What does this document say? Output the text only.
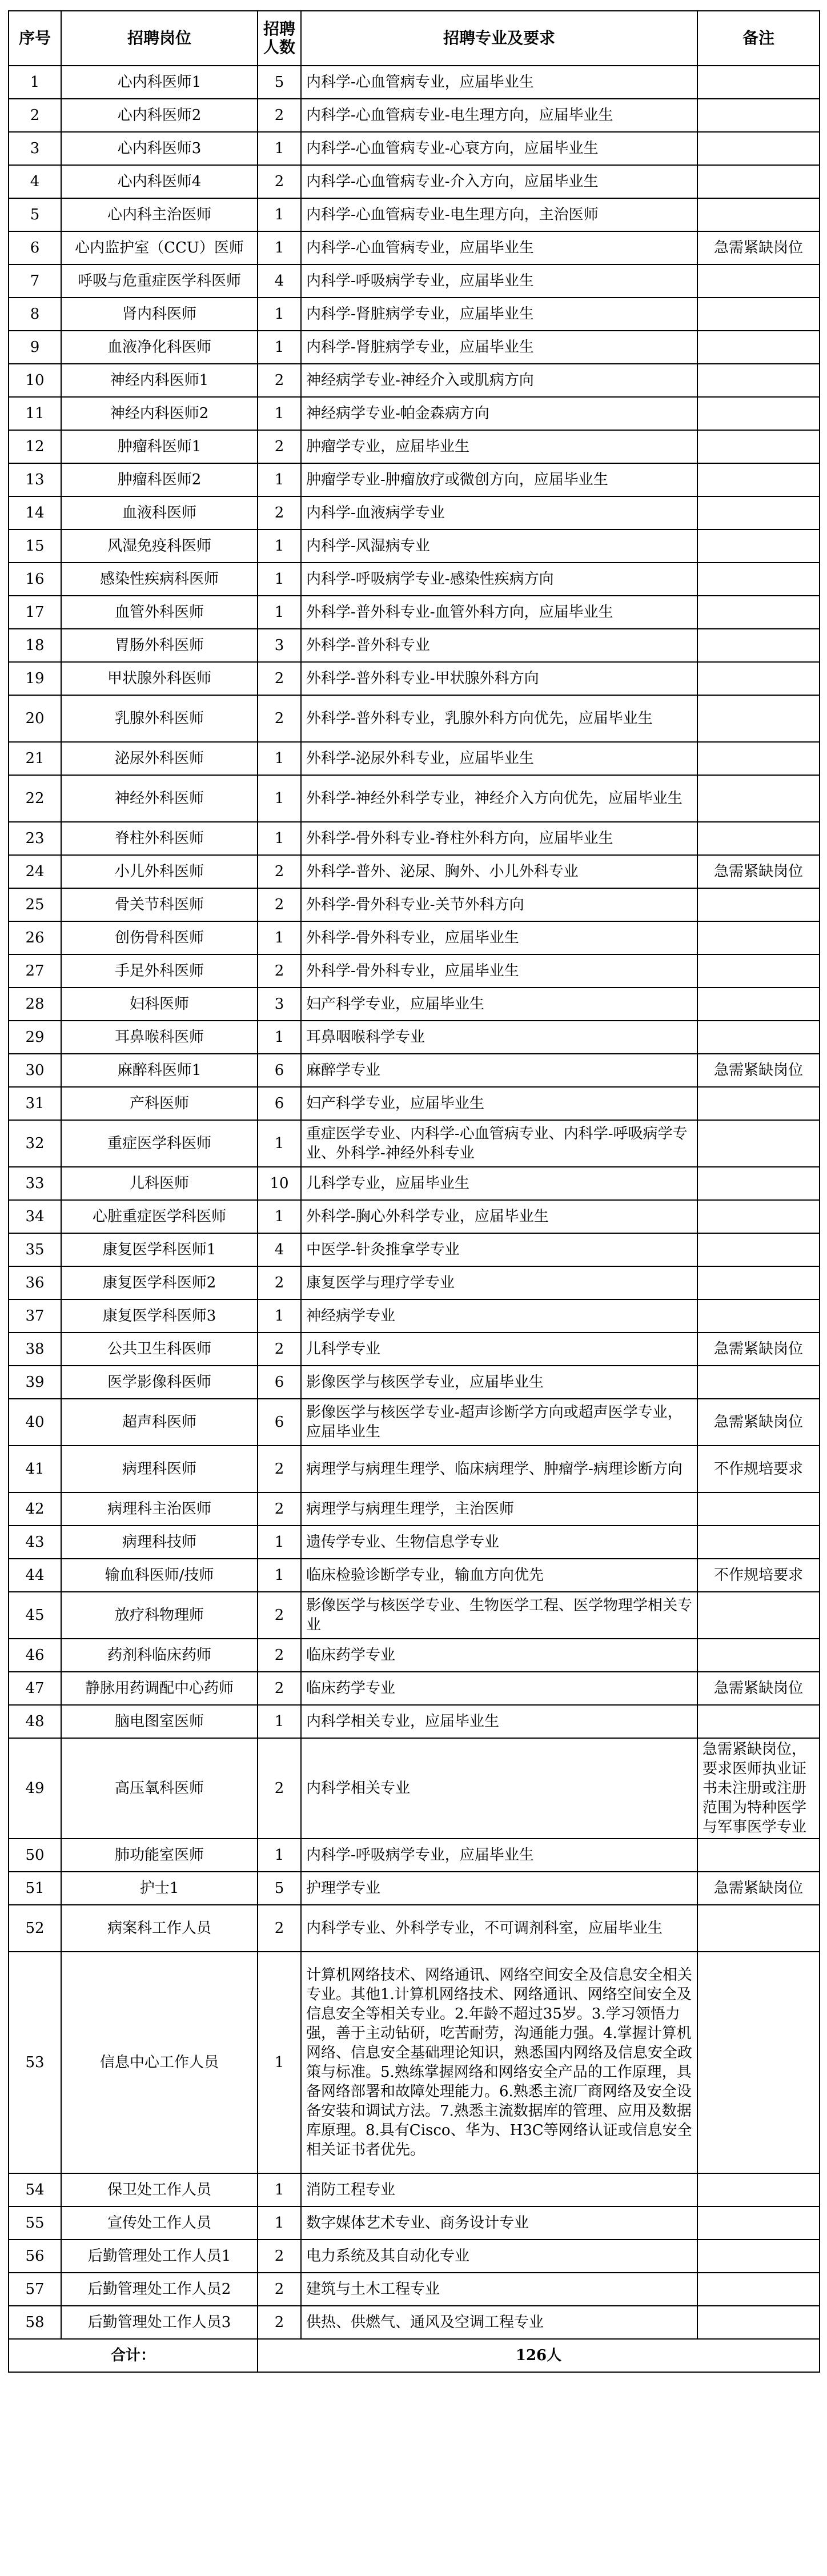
序号	招聘岗位	招聘人数	招聘专业及要求	备注
1	心内科医师1	5	内科学-心血管病专业，应届毕业生	
2	心内科医师2	2	内科学-心血管病专业-电生理方向，应届毕业生	
3	心内科医师3	1	内科学-心血管病专业-心衰方向，应届毕业生	
4	心内科医师4	2	内科学-心血管病专业-介入方向，应届毕业生	
5	心内科主治医师	1	内科学-心血管病专业-电生理方向，主治医师	
6	心内监护室（CCU）医师	1	内科学-心血管病专业，应届毕业生	急需紧缺岗位
7	呼吸与危重症医学科医师	4	内科学-呼吸病学专业，应届毕业生	
8	肾内科医师	1	内科学-肾脏病学专业，应届毕业生	
9	血液净化科医师	1	内科学-肾脏病学专业，应届毕业生	
10	神经内科医师1	2	神经病学专业-神经介入或肌病方向	
11	神经内科医师2	1	神经病学专业-帕金森病方向	
12	肿瘤科医师1	2	肿瘤学专业，应届毕业生	
13	肿瘤科医师2	1	肿瘤学专业-肿瘤放疗或微创方向，应届毕业生	
14	血液科医师	2	内科学-血液病学专业	
15	风湿免疫科医师	1	内科学-风湿病专业	
16	感染性疾病科医师	1	内科学-呼吸病学专业-感染性疾病方向	
17	血管外科医师	1	外科学-普外科专业-血管外科方向，应届毕业生	
18	胃肠外科医师	3	外科学-普外科专业	
19	甲状腺外科医师	2	外科学-普外科专业-甲状腺外科方向	
20	乳腺外科医师	2	外科学-普外科专业，乳腺外科方向优先，应届毕业生	
21	泌尿外科医师	1	外科学-泌尿外科专业，应届毕业生	
22	神经外科医师	1	外科学-神经外科学专业，神经介入方向优先，应届毕业生	
23	脊柱外科医师	1	外科学-骨外科专业-脊柱外科方向，应届毕业生	
24	小儿外科医师	2	外科学-普外、泌尿、胸外、小儿外科专业	急需紧缺岗位
25	骨关节科医师	2	外科学-骨外科专业-关节外科方向	
26	创伤骨科医师	1	外科学-骨外科专业，应届毕业生	
27	手足外科医师	2	外科学-骨外科专业，应届毕业生	
28	妇科医师	3	妇产科学专业，应届毕业生	
29	耳鼻喉科医师	1	耳鼻咽喉科学专业	
30	麻醉科医师1	6	麻醉学专业	急需紧缺岗位
31	产科医师	6	妇产科学专业，应届毕业生	
32	重症医学科医师	1	重症医学专业、内科学-心血管病专业、内科学-呼吸病学专业、外科学-神经外科专业	
33	儿科医师	10	儿科学专业，应届毕业生	
34	心脏重症医学科医师	1	外科学-胸心外科学专业，应届毕业生	
35	康复医学科医师1	4	中医学-针灸推拿学专业	
36	康复医学科医师2	2	康复医学与理疗学专业	
37	康复医学科医师3	1	神经病学专业	
38	公共卫生科医师	2	儿科学专业	急需紧缺岗位
39	医学影像科医师	6	影像医学与核医学专业，应届毕业生	
40	超声科医师	6	影像医学与核医学专业-超声诊断学方向或超声医学专业，应届毕业生	急需紧缺岗位
41	病理科医师	2	病理学与病理生理学、临床病理学、肿瘤学-病理诊断方向	不作规培要求
42	病理科主治医师	2	病理学与病理生理学，主治医师	
43	病理科技师	1	遗传学专业、生物信息学专业	
44	输血科医师/技师	1	临床检验诊断学专业，输血方向优先	不作规培要求
45	放疗科物理师	2	影像医学与核医学专业、生物医学工程、医学物理学相关专业	
46	药剂科临床药师	2	临床药学专业	
47	静脉用药调配中心药师	2	临床药学专业	急需紧缺岗位
48	脑电图室医师	1	内科学相关专业，应届毕业生	
49	高压氧科医师	2	内科学相关专业	急需紧缺岗位，要求医师执业证书未注册或注册范围为特种医学与军事医学专业
50	肺功能室医师	1	内科学-呼吸病学专业，应届毕业生	
51	护士1	5	护理学专业	急需紧缺岗位
52	病案科工作人员	2	内科学专业、外科学专业，不可调剂科室，应届毕业生	
53	信息中心工作人员	1	计算机网络技术、网络通讯、网络空间安全及信息安全相关专业。其他1.计算机网络技术、网络通讯、网络空间安全及信息安全等相关专业。2.年龄不超过35岁。3.学习领悟力强，善于主动钻研，吃苦耐劳，沟通能力强。4.掌握计算机网络、信息安全基础理论知识，熟悉国内网络及信息安全政策与标准。5.熟练掌握网络和网络安全产品的工作原理，具备网络部署和故障处理能力。6.熟悉主流厂商网络及安全设备安装和调试方法。7.熟悉主流数据库的管理、应用及数据库原理。8.具有Cisco、华为、H3C等网络认证或信息安全相关证书者优先。	
54	保卫处工作人员	1	消防工程专业	
55	宣传处工作人员	1	数字媒体艺术专业、商务设计专业	
56	后勤管理处工作人员1	2	电力系统及其自动化专业	
57	后勤管理处工作人员2	2	建筑与土木工程专业	
58	后勤管理处工作人员3	2	供热、供燃气、通风及空调工程专业	
合计：		126人		
